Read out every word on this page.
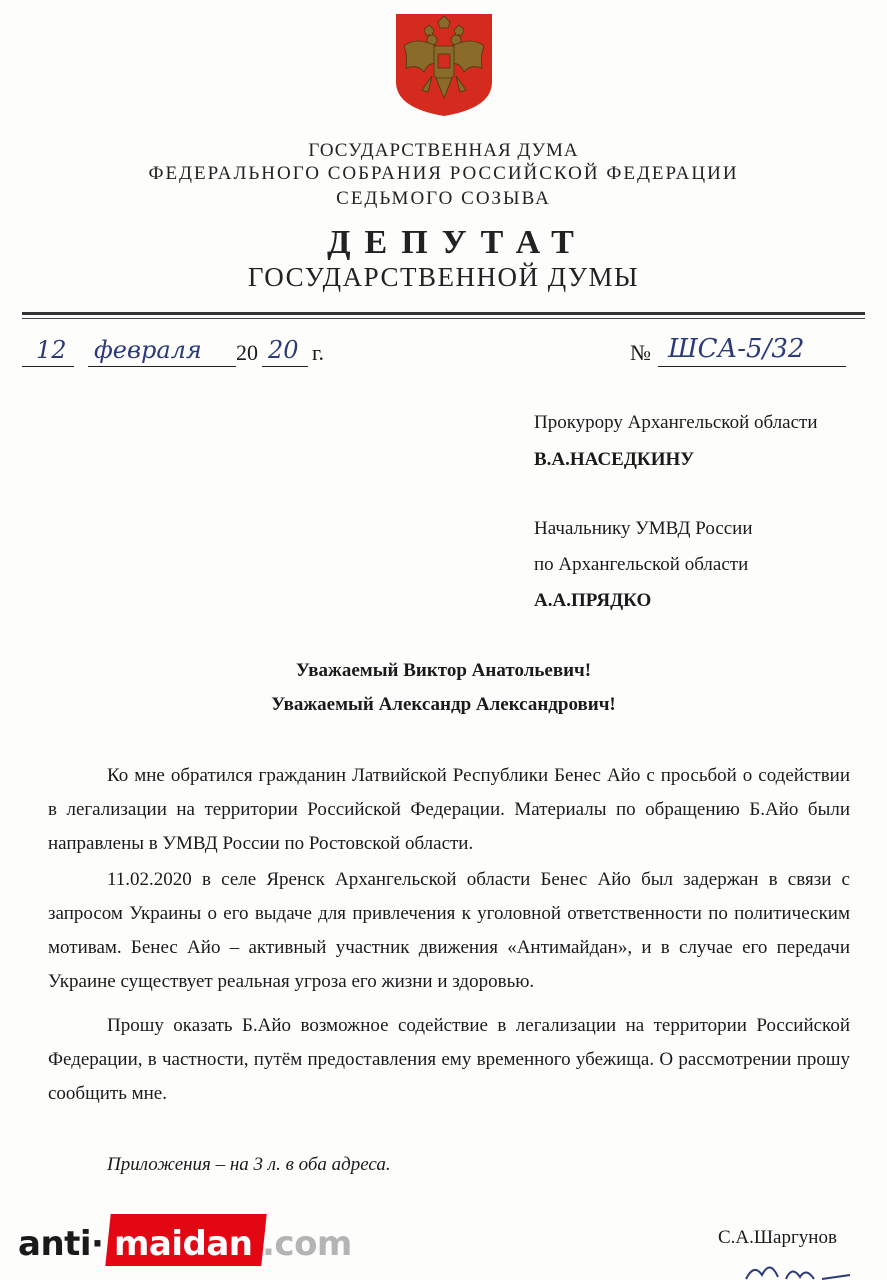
ГОСУДАРСТВЕННАЯ ДУМА
ФЕДЕРАЛЬНОГО СОБРАНИЯ РОССИЙСКОЙ ФЕДЕРАЦИИ
СЕДЬМОГО СОЗЫВА
ДЕПУТАТ
ГОСУДАРСТВЕННОЙ ДУМЫ
12 февраля 20 20 г.	№ ШСА-5/32
Прокурору Архангельской области
В.А.НАСЕДКИНУ
Начальнику УМВД России
по Архангельской области
А.А.ПРЯДКО
Уважаемый Виктор Анатольевич!
Уважаемый Александр Александрович!
Ко мне обратился гражданин Латвийской Республики Бенес Айо с просьбой о содействии в легализации на территории Российской Федерации. Материалы по обращению Б.Айо были направлены в УМВД России по Ростовской области.
11.02.2020 в селе Яренск Архангельской области Бенес Айо был задержан в связи с запросом Украины о его выдаче для привлечения к уголовной ответственности по политическим мотивам. Бенес Айо – активный участник движения «Антимайдан», и в случае его передачи Украине существует реальная угроза его жизни и здоровью.
Прошу оказать Б.Айо возможное содействие в легализации на территории Российской Федерации, в частности, путём предоставления ему временного убежища. О рассмотрении прошу сообщить мне.
Приложения – на 3 л. в оба адреса.
С.А.Шаргунов
anti· maidan .com
